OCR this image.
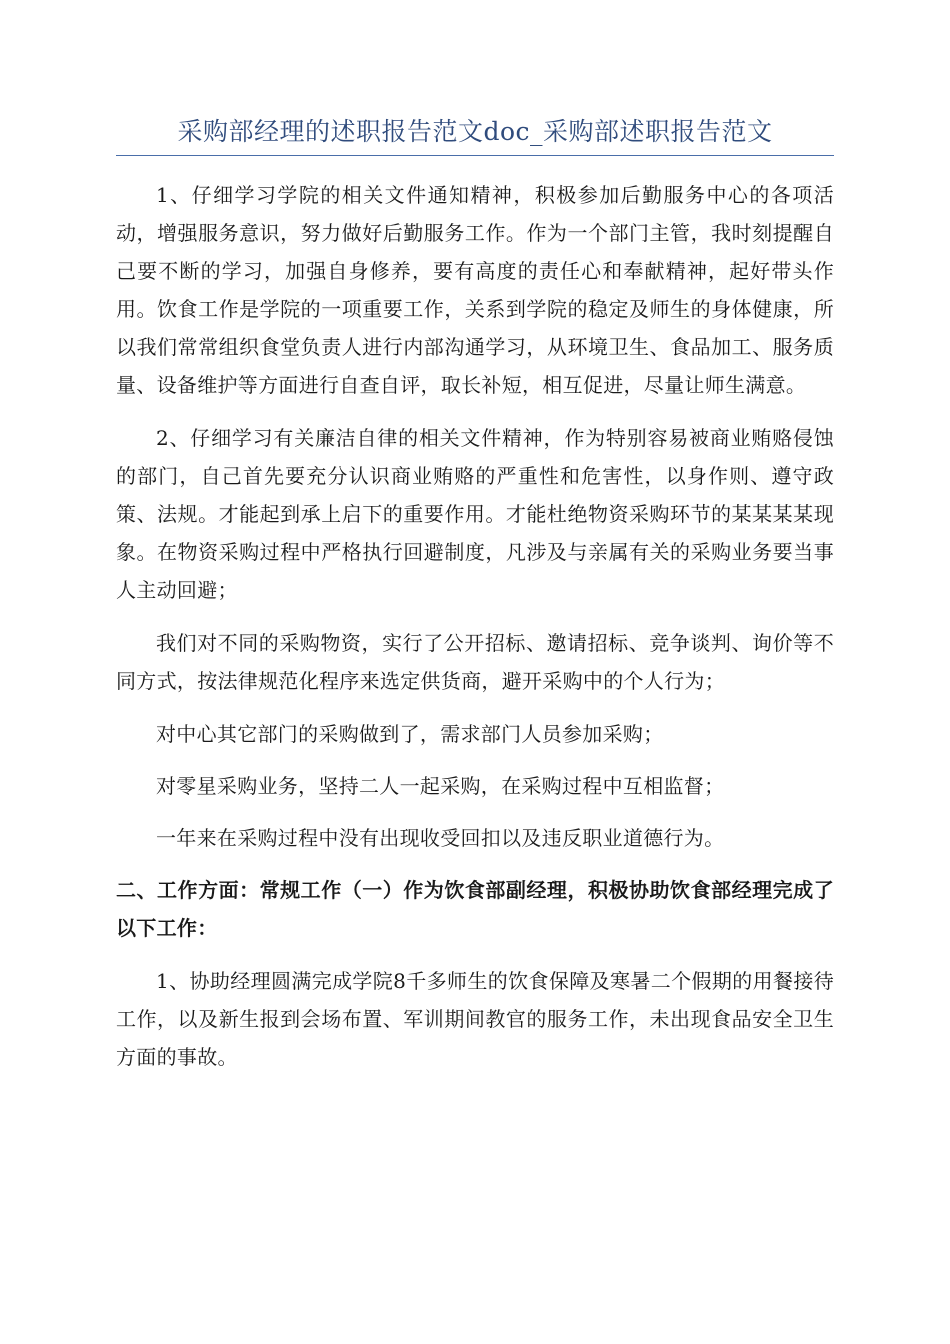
采购部经理的述职报告范文doc_采购部述职报告范文

1、仔细学习学院的相关文件通知精神，积极参加后勤服务中心的各项活动，增强服务意识，努力做好后勤服务工作。作为一个部门主管，我时刻提醒自己要不断的学习，加强自身修养，要有高度的责任心和奉献精神，起好带头作用。饮食工作是学院的一项重要工作，关系到学院的稳定及师生的身体健康，所以我们常常组织食堂负责人进行内部沟通学习，从环境卫生、食品加工、服务质量、设备维护等方面进行自查自评，取长补短，相互促进，尽量让师生满意。

2、仔细学习有关廉洁自律的相关文件精神，作为特别容易被商业贿赂侵蚀的部门，自己首先要充分认识商业贿赂的严重性和危害性，以身作则、遵守政策、法规。才能起到承上启下的重要作用。才能杜绝物资采购环节的某某某某现象。在物资采购过程中严格执行回避制度，凡涉及与亲属有关的采购业务要当事人主动回避；

我们对不同的采购物资，实行了公开招标、邀请招标、竞争谈判、询价等不同方式，按法律规范化程序来选定供货商，避开采购中的个人行为；

对中心其它部门的采购做到了，需求部门人员参加采购；

对零星采购业务，坚持二人一起采购，在采购过程中互相监督；

一年来在采购过程中没有出现收受回扣以及违反职业道德行为。

二、工作方面：常规工作（一）作为饮食部副经理，积极协助饮食部经理完成了以下工作：

1、协助经理圆满完成学院8千多师生的饮食保障及寒暑二个假期的用餐接待工作，以及新生报到会场布置、军训期间教官的服务工作，未出现食品安全卫生方面的事故。
